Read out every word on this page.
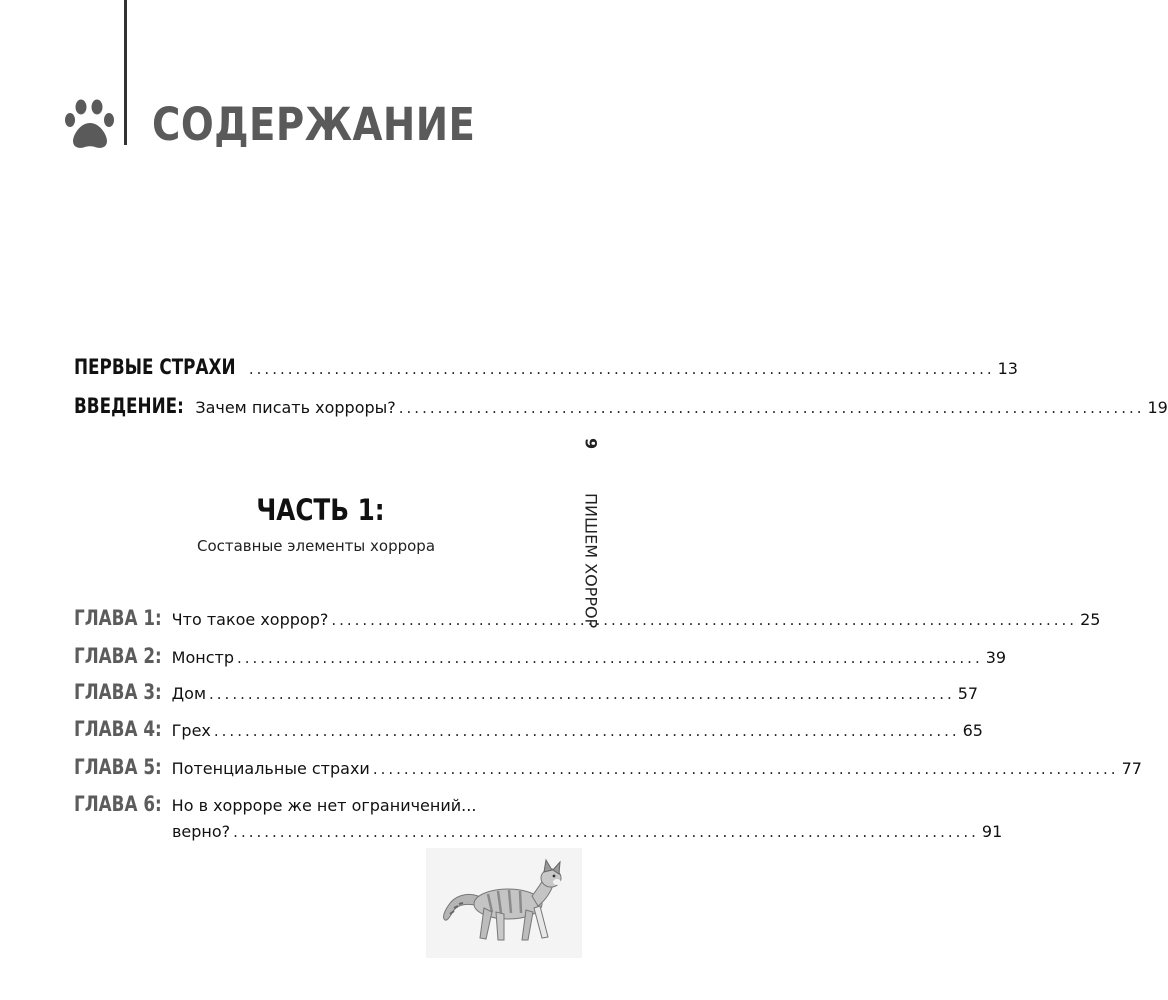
СОДЕРЖАНИЕ
9
ПИШЕМ ХОРРОР
ПЕРВЫЕ СТРАХИ ................................................................................................ 13
ВВЕДЕНИЕ: Зачем писать хорроры? ................................................................................................ 19
ЧАСТЬ 1:
Составные элементы хоррора
ГЛАВА 1: Что такое хоррор? ................................................................................................ 25
ГЛАВА 2: Монстр ................................................................................................ 39
ГЛАВА 3: Дом ................................................................................................ 57
ГЛАВА 4: Грех ................................................................................................ 65
ГЛАВА 5: Потенциальные страхи ................................................................................................ 77
ГЛАВА 6: Но в хорроре же нет ограничений...
верно? ................................................................................................ 91
